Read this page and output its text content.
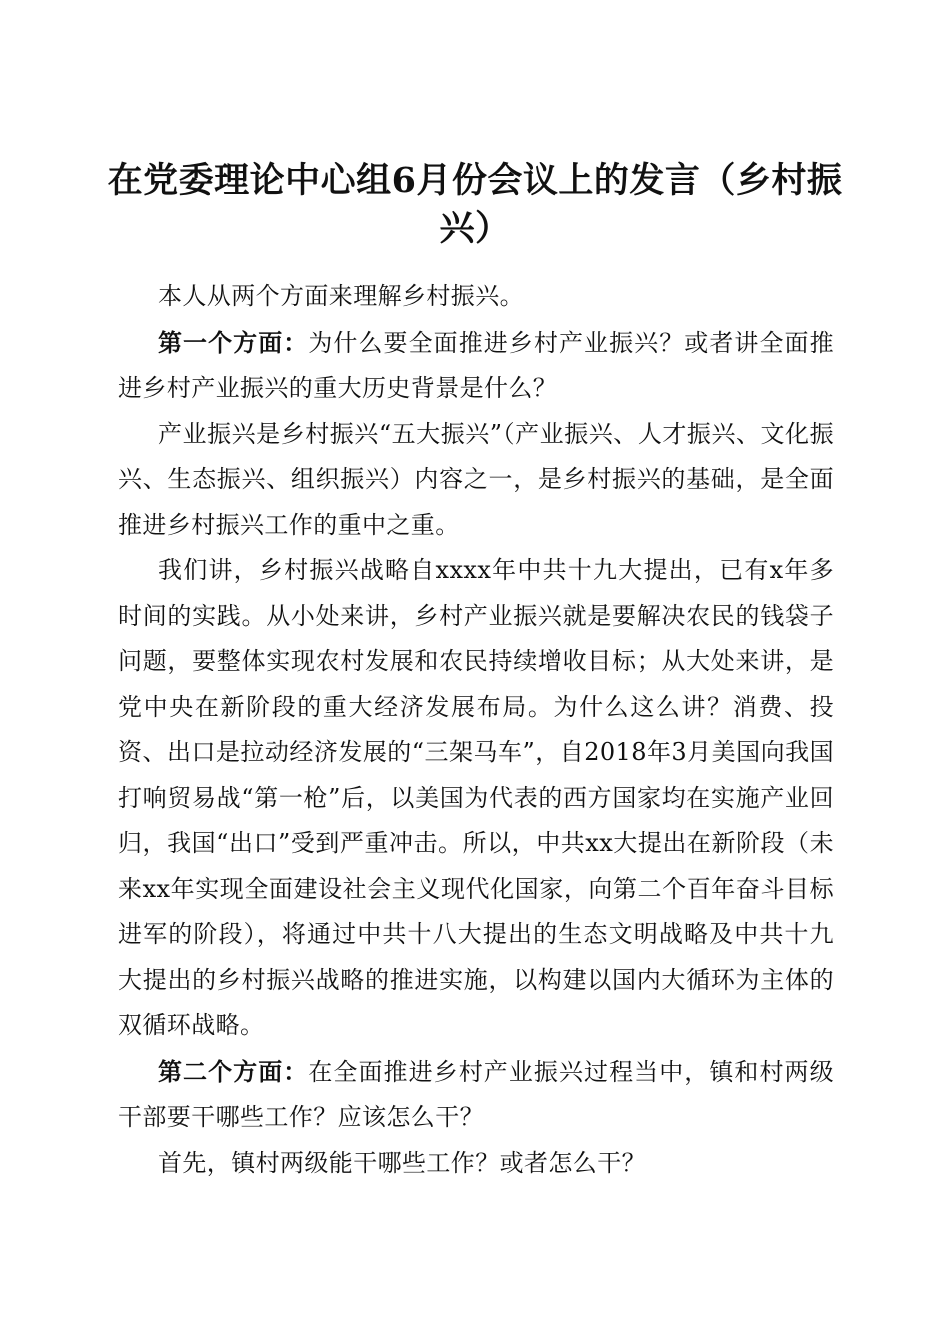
在党委理论中心组6月份会议上的发言（乡村振兴）

本人从两个方面来理解乡村振兴。

第一个方面：为什么要全面推进乡村产业振兴？或者讲全面推进乡村产业振兴的重大历史背景是什么？

产业振兴是乡村振兴“五大振兴”（产业振兴、人才振兴、文化振兴、生态振兴、组织振兴）内容之一，是乡村振兴的基础，是全面推进乡村振兴工作的重中之重。

我们讲，乡村振兴战略自xxxx年中共十九大提出，已有x年多时间的实践。从小处来讲，乡村产业振兴就是要解决农民的钱袋子问题，要整体实现农村发展和农民持续增收目标；从大处来讲，是党中央在新阶段的重大经济发展布局。为什么这么讲？消费、投资、出口是拉动经济发展的“三架马车”，自2018年3月美国向我国打响贸易战“第一枪”后，以美国为代表的西方国家均在实施产业回归，我国“出口”受到严重冲击。所以，中共xx大提出在新阶段（未来xx年实现全面建设社会主义现代化国家，向第二个百年奋斗目标进军的阶段），将通过中共十八大提出的生态文明战略及中共十九大提出的乡村振兴战略的推进实施，以构建以国内大循环为主体的双循环战略。

第二个方面：在全面推进乡村产业振兴过程当中，镇和村两级干部要干哪些工作？应该怎么干？

首先，镇村两级能干哪些工作？或者怎么干？
